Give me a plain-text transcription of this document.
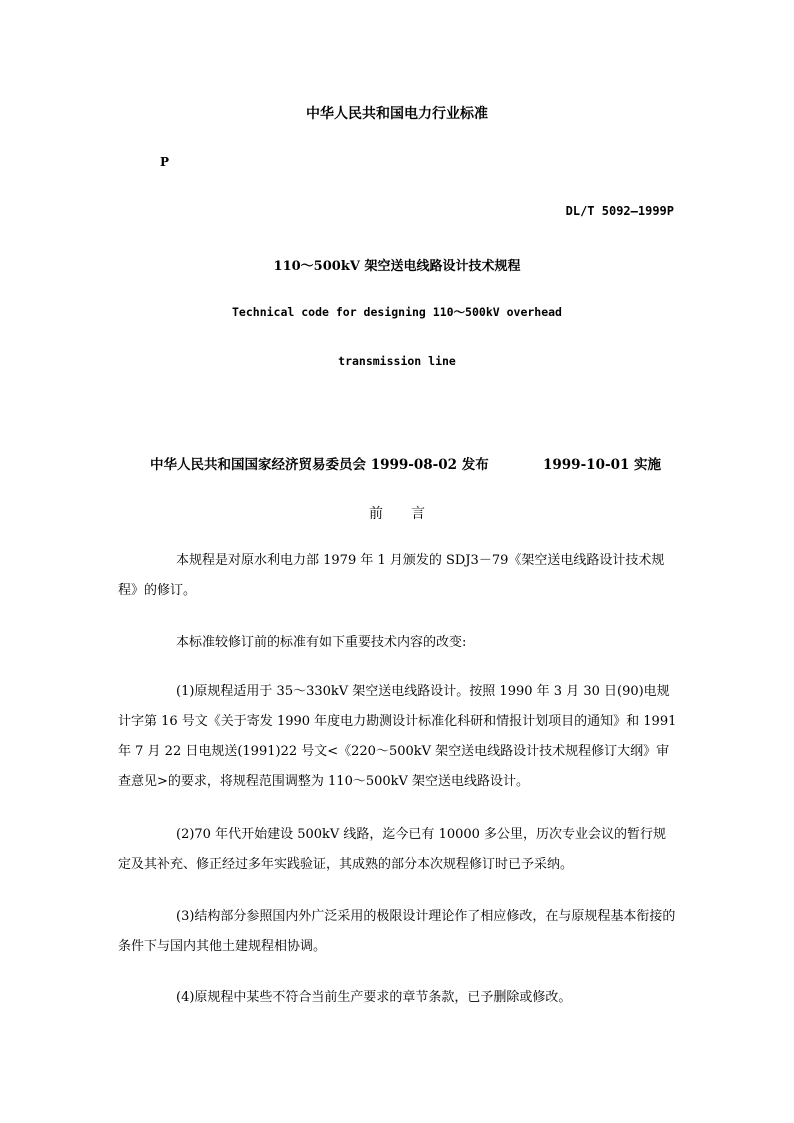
中华人民共和国电力行业标准
P
DL/T 5092—1999P
110～500kV 架空送电线路设计技术规程
Technical code for designing 110～500kV overhead
transmission line
中华人民共和国国家经济贸易委员会 1999-08-02 发布	1999-10-01 实施
前 言
本规程是对原水利电力部 1979 年 1 月颁发的 SDJ3－79《架空送电线路设计技术规程》的修订。
本标准较修订前的标准有如下重要技术内容的改变:
(1)原规程适用于 35～330kV 架空送电线路设计。按照 1990 年 3 月 30 日(90)电规计字第 16 号文《关于寄发 1990 年度电力勘测设计标准化科研和情报计划项目的通知》和 1991 年 7 月 22 日电规送(1991)22 号文<《220～500kV 架空送电线路设计技术规程修订大纲》审查意见>的要求，将规程范围调整为 110～500kV 架空送电线路设计。
(2)70 年代开始建设 500kV 线路，迄今已有 10000 多公里，历次专业会议的暂行规定及其补充、修正经过多年实践验证，其成熟的部分本次规程修订时已予采纳。
(3)结构部分参照国内外广泛采用的极限设计理论作了相应修改，在与原规程基本衔接的条件下与国内其他土建规程相协调。
(4)原规程中某些不符合当前生产要求的章节条款，已予删除或修改。
